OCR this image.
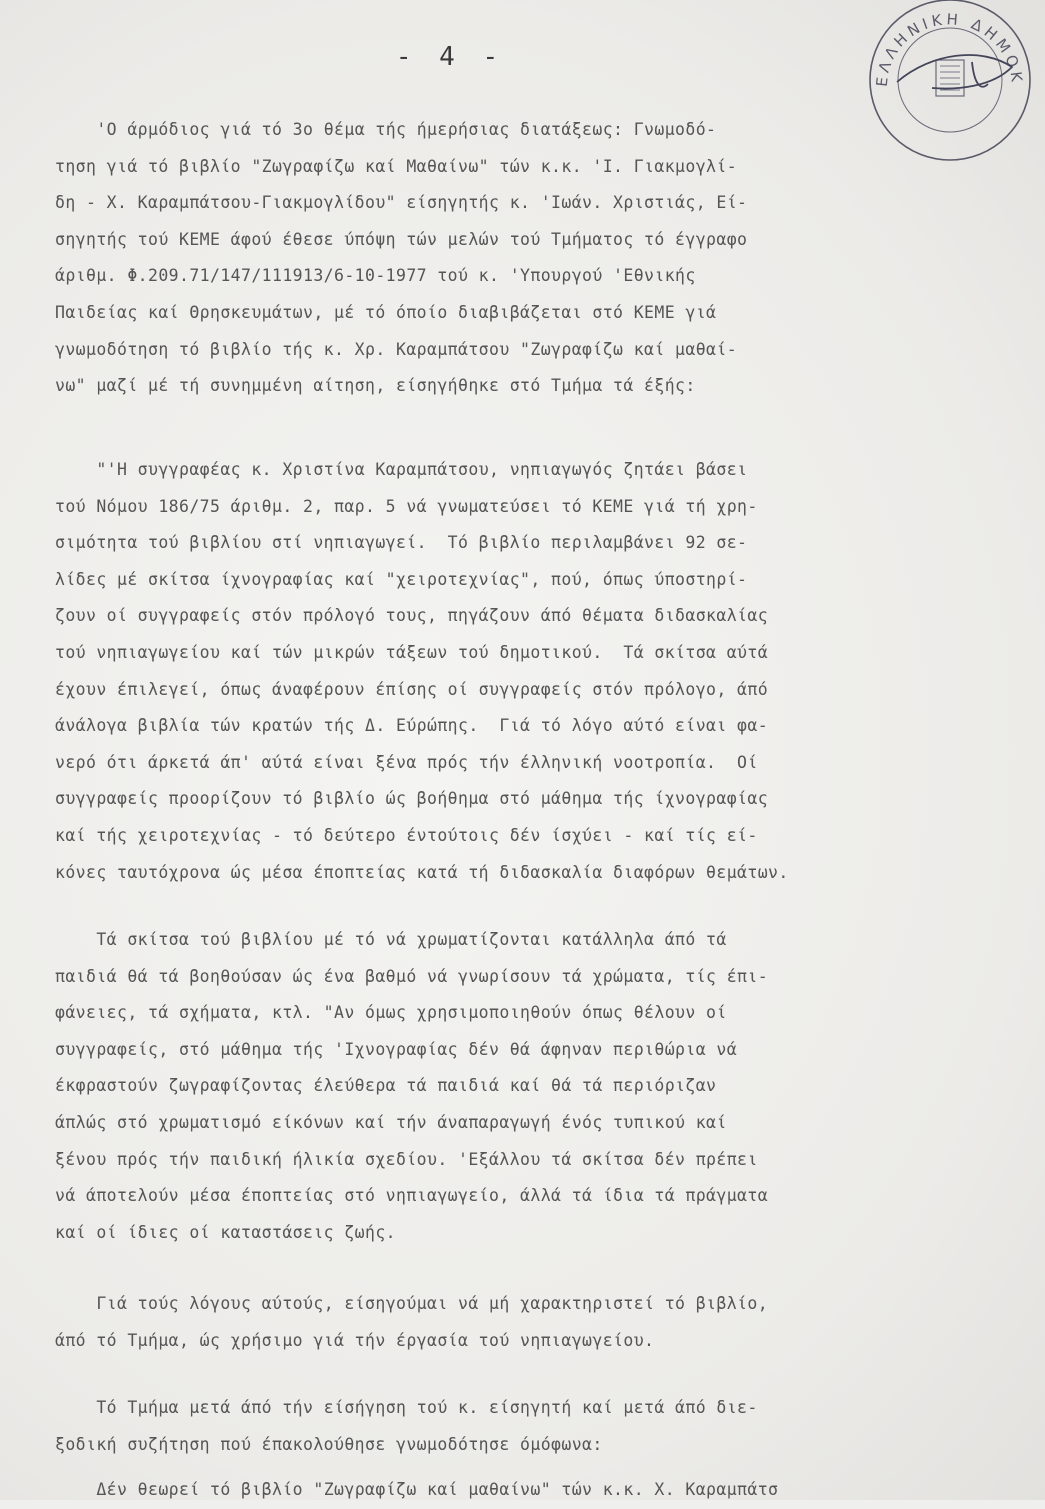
ΕΛΛΗΝΙΚΗ ΔΗΜΟΚ
- 4 -
'Ο άρμόδιος γιά τό 3ο θέμα τής ήμερήσιας διατάξεως: Γνωμοδό-
τηση γιά τό βιβλίο "Ζωγραφίζω καί Μαθαίνω" τών κ.κ. 'Ι. Γιακμογλί-
δη - Χ. Καραμπάτσου-Γιακμογλίδου" είσηγητής κ. 'Ιωάν. Χριστιάς, Εί-
σηγητής τού ΚΕΜΕ άφού έθεσε ύπόψη τών μελών τού Τμήματος τό έγγραφο
άριθμ. Φ.209.71/147/111913/6-10-1977 τού κ. 'Υπουργού 'Εθνικής
Παιδείας καί Θρησκευμάτων, μέ τό όποίο διαβιβάζεται στό ΚΕΜΕ γιά
γνωμοδότηση τό βιβλίο τής κ. Χρ. Καραμπάτσου "Ζωγραφίζω καί μαθαί-
νω" μαζί μέ τή συνημμένη αίτηση, είσηγήθηκε στό Τμήμα τά έξής:
"'Η συγγραφέας κ. Χριστίνα Καραμπάτσου, νηπιαγωγός ζητάει βάσει
τού Νόμου 186/75 άριθμ. 2, παρ. 5 νά γνωματεύσει τό ΚΕΜΕ γιά τή χρη-
σιμότητα τού βιβλίου στί νηπιαγωγεί.  Τό βιβλίο περιλαμβάνει 92 σε-
λίδες μέ σκίτσα ίχνογραφίας καί "χειροτεχνίας", πού, όπως ύποστηρί-
ζουν οί συγγραφείς στόν πρόλογό τους, πηγάζουν άπό θέματα διδασκαλίας
τού νηπιαγωγείου καί τών μικρών τάξεων τού δημοτικού.  Τά σκίτσα αύτά
έχουν έπιλεγεί, όπως άναφέρουν έπίσης οί συγγραφείς στόν πρόλογο, άπό
άνάλογα βιβλία τών κρατών τής Δ. Εύρώπης.  Γιά τό λόγο αύτό είναι φα-
νερό ότι άρκετά άπ' αύτά είναι ξένα πρός τήν έλληνική νοοτροπία.  Οί
συγγραφείς προορίζουν τό βιβλίο ώς βοήθημα στό μάθημα τής ίχνογραφίας
καί τής χειροτεχνίας - τό δεύτερο έντούτοις δέν ίσχύει - καί τίς εί-
κόνες ταυτόχρονα ώς μέσα έποπτείας κατά τή διδασκαλία διαφόρων θεμάτων.
Τά σκίτσα τού βιβλίου μέ τό νά χρωματίζονται κατάλληλα άπό τά
παιδιά θά τά βοηθούσαν ώς ένα βαθμό νά γνωρίσουν τά χρώματα, τίς έπι-
φάνειες, τά σχήματα, κτλ. "Αν όμως χρησιμοποιηθούν όπως θέλουν οί
συγγραφείς, στό μάθημα τής 'Ιχνογραφίας δέν θά άφηναν περιθώρια νά
έκφραστούν ζωγραφίζοντας έλεύθερα τά παιδιά καί θά τά περιόριζαν
άπλώς στό χρωματισμό είκόνων καί τήν άναπαραγωγή ένός τυπικού καί
ξένου πρός τήν παιδική ήλικία σχεδίου. 'Εξάλλου τά σκίτσα δέν πρέπει
νά άποτελούν μέσα έποπτείας στό νηπιαγωγείο, άλλά τά ίδια τά πράγματα
καί οί ίδιες οί καταστάσεις ζωής.
Γιά τούς λόγους αύτούς, είσηγούμαι νά μή χαρακτηριστεί τό βιβλίο,
άπό τό Τμήμα, ώς χρήσιμο γιά τήν έργασία τού νηπιαγωγείου.
Τό Τμήμα μετά άπό τήν είσήγηση τού κ. είσηγητή καί μετά άπό διε-
ξοδική συζήτηση πού έπακολούθησε γνωμοδότησε όμόφωνα:
Δέν θεωρεί τό βιβλίο "Ζωγραφίζω καί μαθαίνω" τών κ.κ. Χ. Καραμπάτσ
